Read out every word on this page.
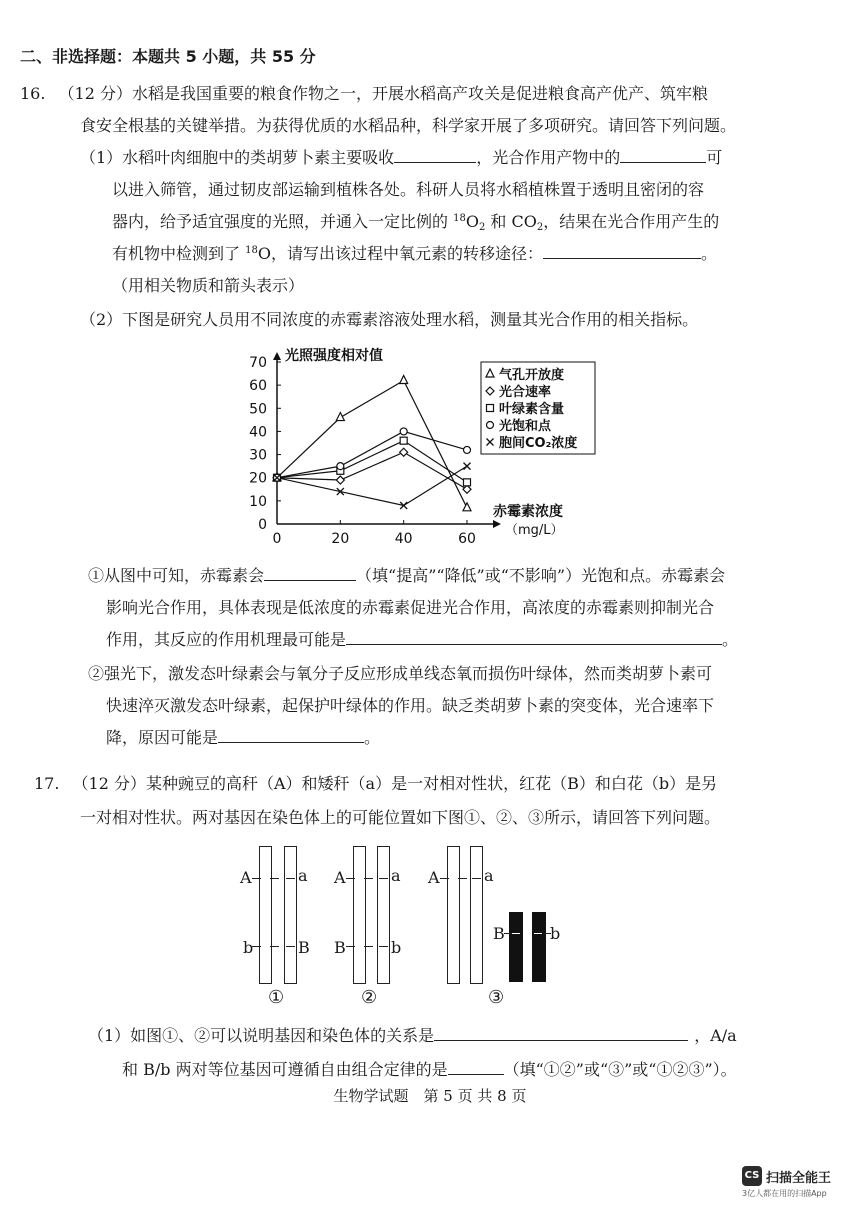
二、非选择题：本题共 5 小题，共 55 分
16. （12 分）水稻是我国重要的粮食作物之一，开展水稻高产攻关是促进粮食高产优产、筑牢粮
食安全根基的关键举措。为获得优质的水稻品种，科学家开展了多项研究。请回答下列问题。
（1）水稻叶肉细胞中的类胡萝卜素主要吸收	，光合作用产物中的	可
以进入筛管，通过韧皮部运输到植株各处。科研人员将水稻植株置于透明且密闭的容
器内，给予适宜强度的光照，并通入一定比例的 $^{18}O_2$ 和 $CO_2$，结果在光合作用产生的
有机物中检测到了 $^{18}$O，请写出该过程中氧元素的转移途径：	。
（用相关物质和箭头表示）
（2）下图是研究人员用不同浓度的赤霉素溶液处理水稻，测量其光合作用的相关指标。
0
10
20
30
40
50
60
70
0	20	40	60
光照强度相对值
赤霉素浓度
（mg/L）
气孔开放度
光合速率
叶绿素含量
光饱和点
胞间CO₂浓度
①从图中可知，赤霉素会	（填“提高”“降低”或“不影响”）光饱和点。赤霉素会
影响光合作用，具体表现是低浓度的赤霉素促进光合作用，高浓度的赤霉素则抑制光合
作用，其反应的作用机理最可能是	。
②强光下，激发态叶绿素会与氧分子反应形成单线态氧而损伤叶绿体，然而类胡萝卜素可
快速淬灭激发态叶绿素，起保护叶绿体的作用。缺乏类胡萝卜素的突变体，光合速率下
降，原因可能是	。
17. （12 分）某种豌豆的高秆（A）和矮秆（a）是一对相对性状，红花（B）和白花（b）是另
一对相对性状。两对基因在染色体上的可能位置如下图①、②、③所示，请回答下列问题。
A	a
b	B
①
A	a
B	b
②
A	a
B	b
③
（1）如图①、②可以说明基因和染色体的关系是	，A/a
和 B/b 两对等位基因可遵循自由组合定律的是	（填“①②”或“③”或“①②③”）。
生物学试题　第 5 页 共 8 页
CS 扫描全能王
3亿人都在用的扫描App
